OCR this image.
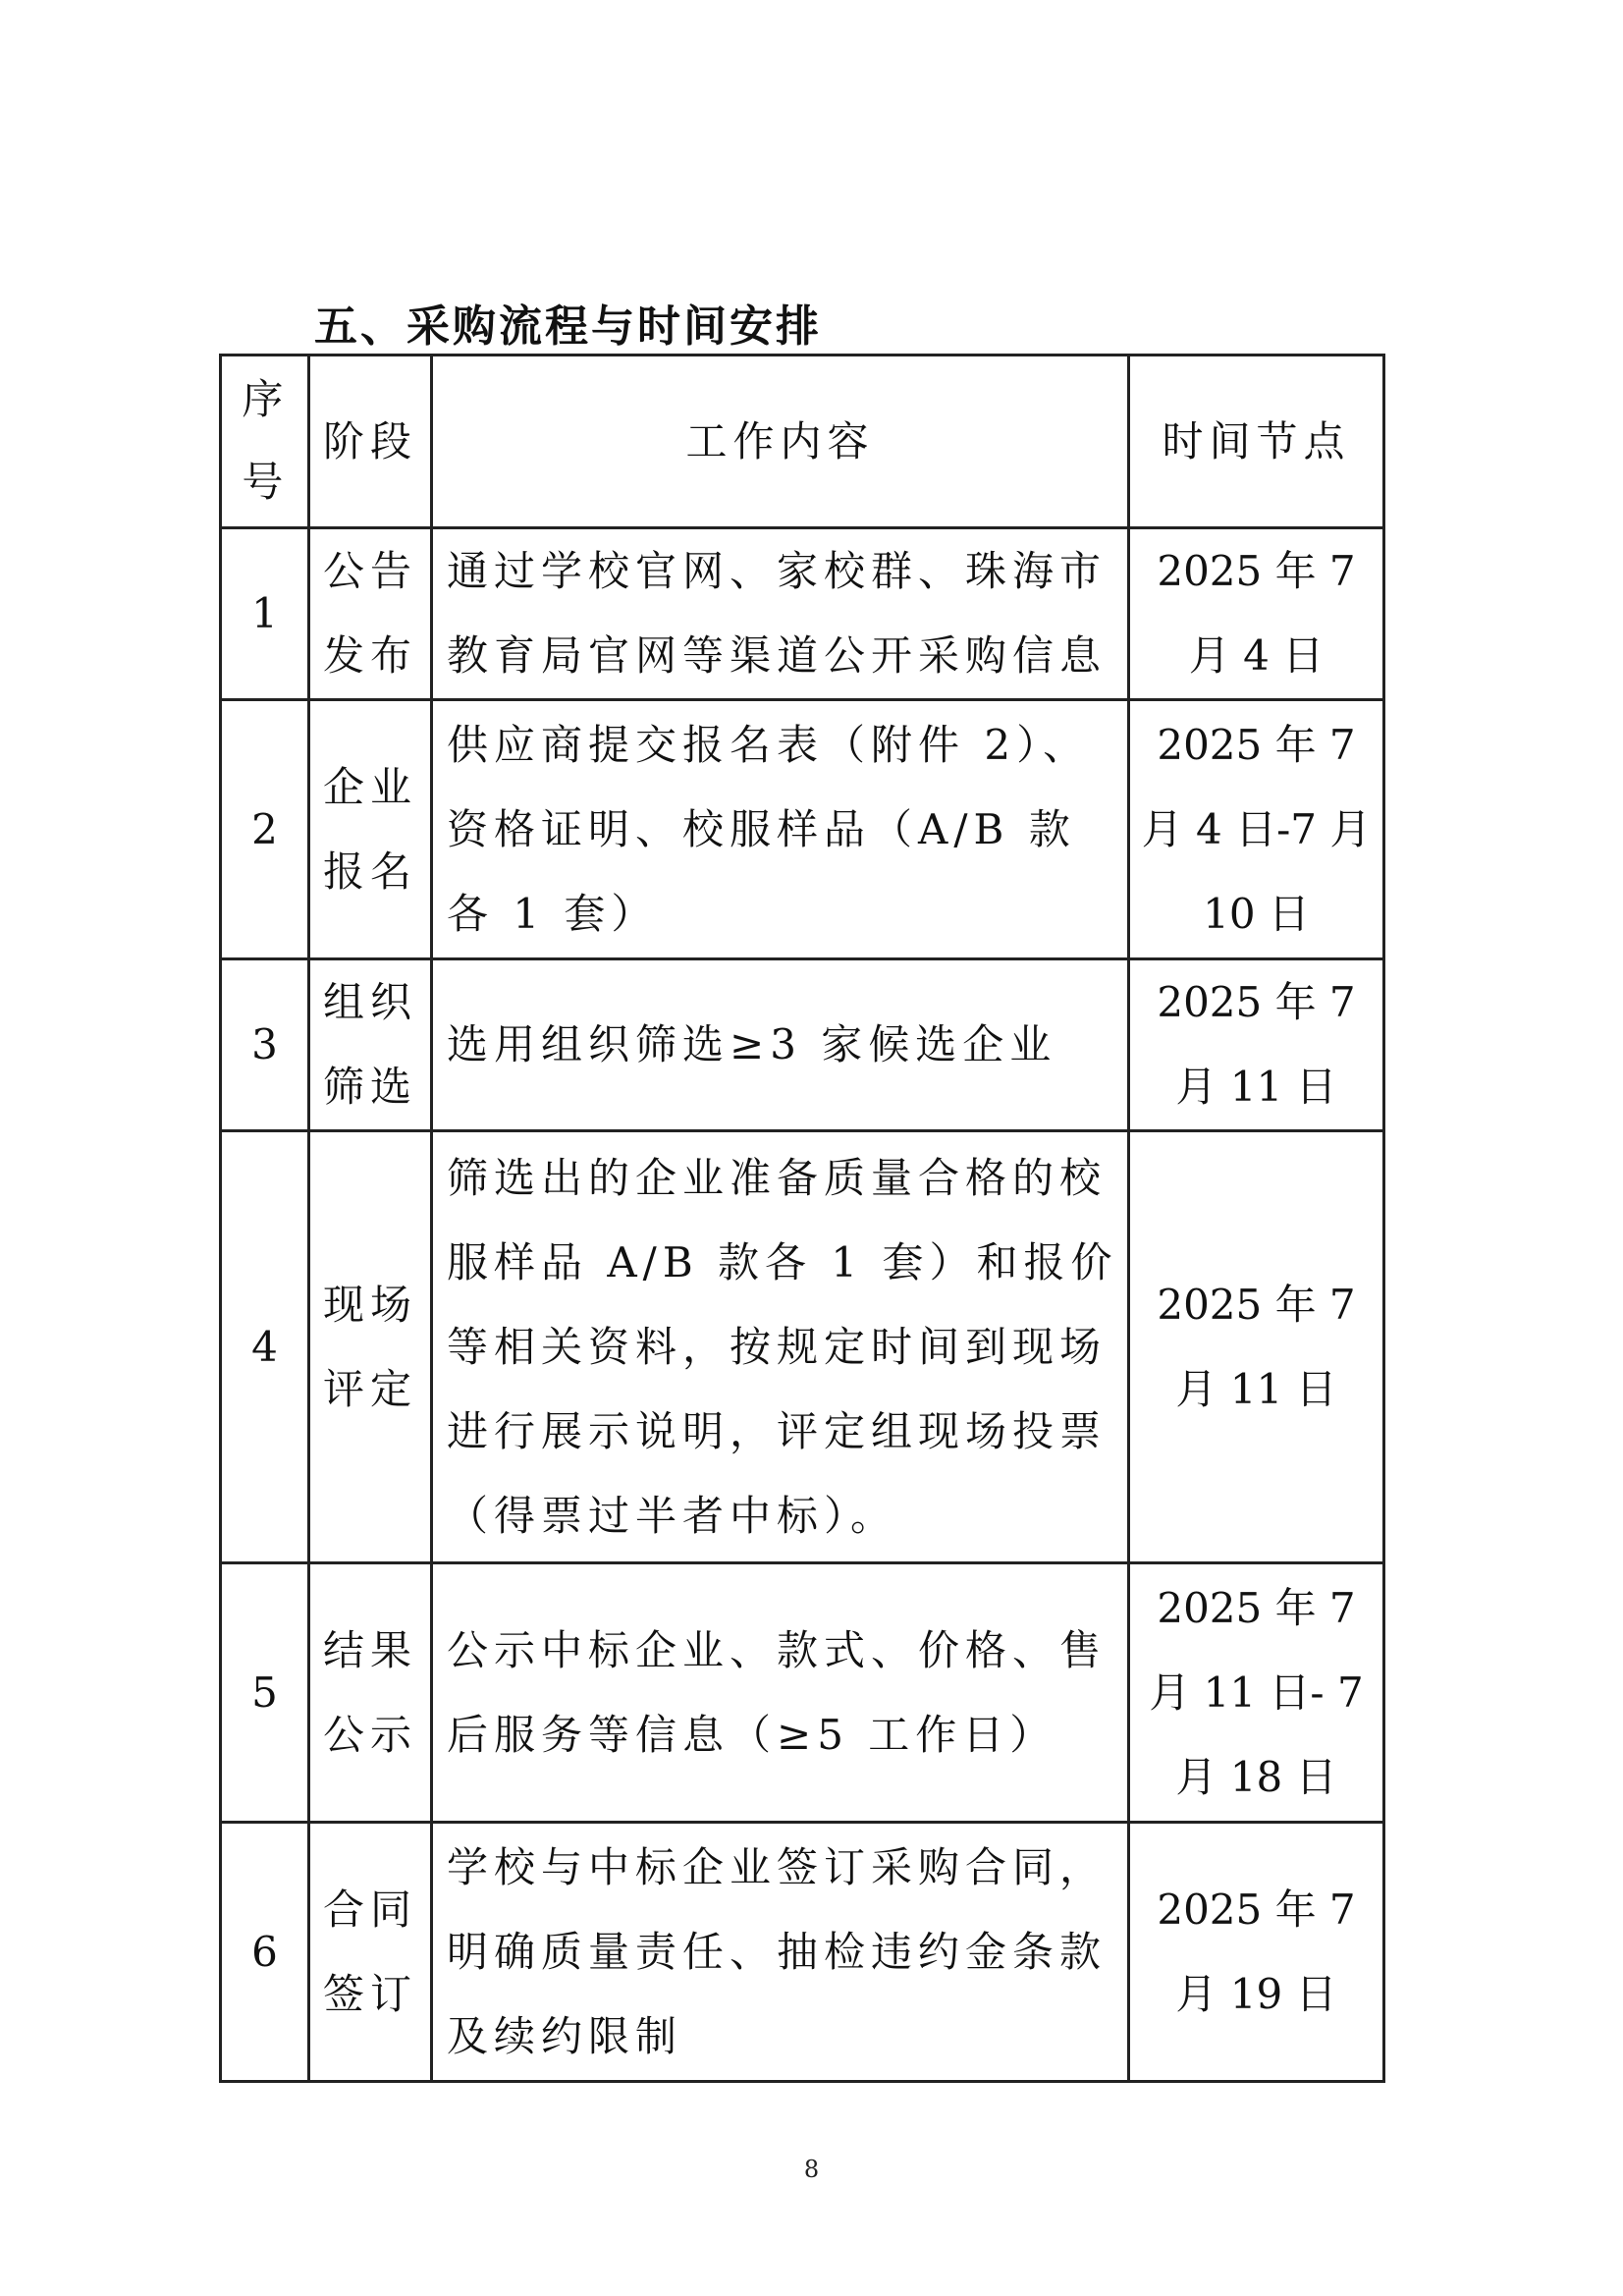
五、采购流程与时间安排
序号	阶段	工作内容	时间节点
1	公告发布	通过学校官网、家校群、珠海市教育局官网等渠道公开采购信息	2025 年 7 月 4 日
2	企业报名	供应商提交报名表（附件 2）、资格证明、校服样品（A/B 款各 1 套）	2025 年 7 月 4 日-7 月 10 日
3	组织筛选	选用组织筛选≥3 家候选企业	2025 年 7 月 11 日
4	现场评定	筛选出的企业准备质量合格的校服样品 A/B 款各 1 套）和报价等相关资料，按规定时间到现场进行展示说明，评定组现场投票（得票过半者中标）。	2025 年 7 月 11 日
5	结果公示	公示中标企业、款式、价格、售后服务等信息（≥5 工作日）	2025 年 7 月 11 日- 7 月 18 日
6	合同签订	学校与中标企业签订采购合同，明确质量责任、抽检违约金条款及续约限制	2025 年 7 月 19 日
8
